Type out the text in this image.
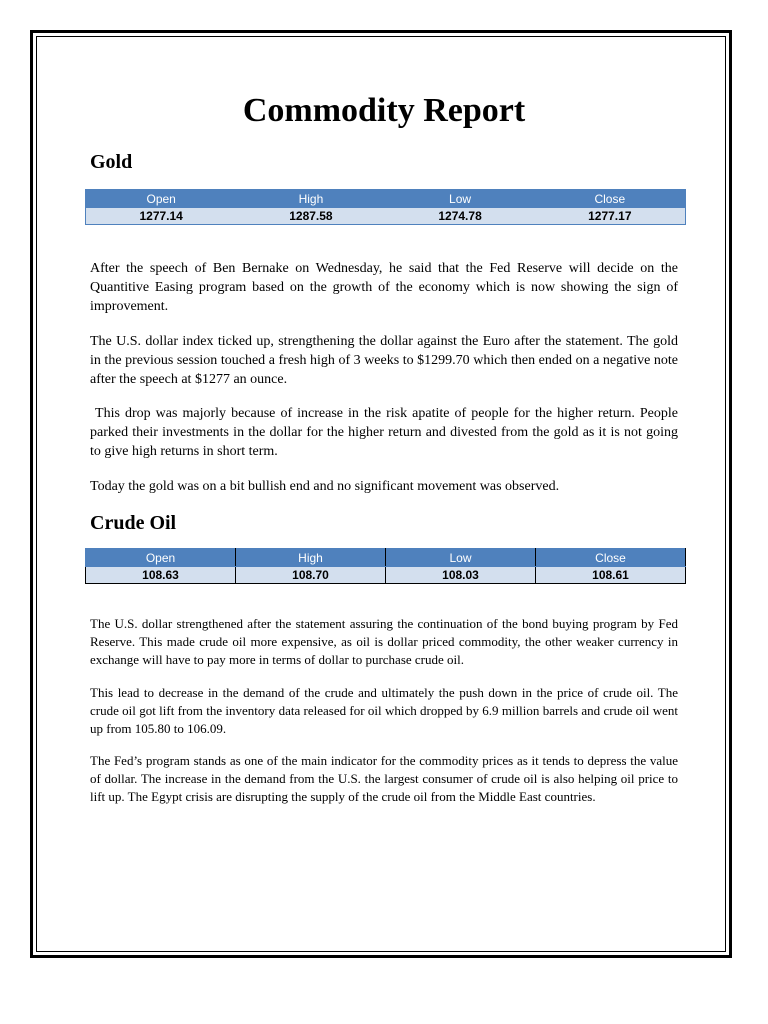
Commodity Report
Gold
Open	High	Low	Close
1277.14	1287.58	1274.78	1277.17

After the speech of Ben Bernake on Wednesday, he said that the Fed Reserve will decide on the Quantitive Easing program based on the growth of the economy which is now showing the sign of improvement.

The U.S. dollar index ticked up, strengthening the dollar against the Euro after the statement. The gold in the previous session touched a fresh high of 3 weeks to $1299.70 which then ended on a negative note after the speech at $1277 an ounce.

This drop was majorly because of increase in the risk apatite of people for the higher return. People parked their investments in the dollar for the higher return and divested from the gold as it is not going to give high returns in short term.

Today the gold was on a bit bullish end and no significant movement was observed.

Crude Oil
Open	High	Low	Close
108.63	108.70	108.03	108.61

The U.S. dollar strengthened after the statement assuring the continuation of the bond buying program by Fed Reserve. This made crude oil more expensive, as oil is dollar priced commodity, the other weaker currency in exchange will have to pay more in terms of dollar to purchase crude oil.

This lead to decrease in the demand of the crude and ultimately the push down in the price of crude oil. The crude oil got lift from the inventory data released for oil which dropped by 6.9 million barrels and crude oil went up from 105.80 to 106.09.

The Fed’s program stands as one of the main indicator for the commodity prices as it tends to depress the value of dollar. The increase in the demand from the U.S. the largest consumer of crude oil is also helping oil price to lift up. The Egypt crisis are disrupting the supply of the crude oil from the Middle East countries.
